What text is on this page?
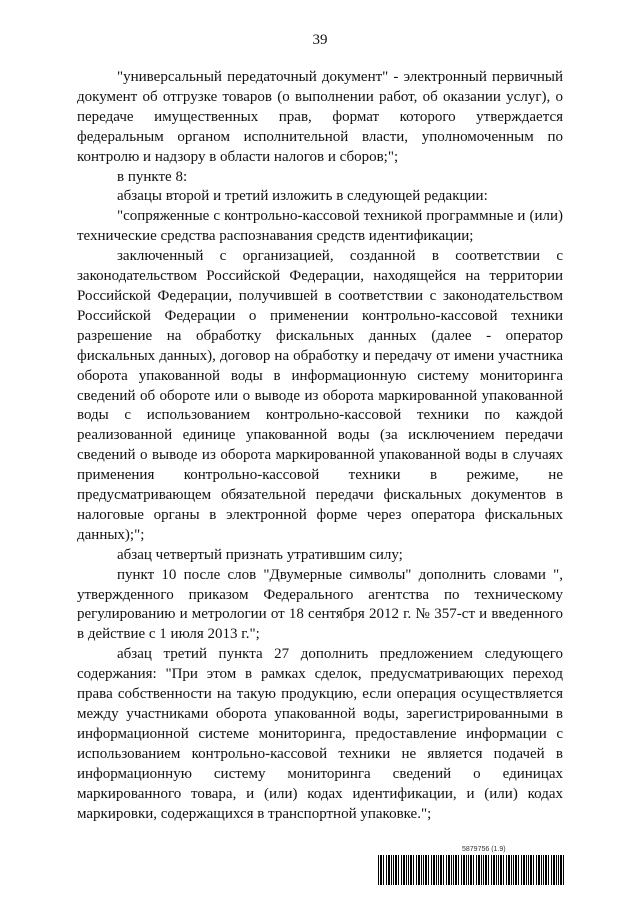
39

"универсальный передаточный документ" - электронный первичный документ об отгрузке товаров (о выполнении работ, об оказании услуг), о передаче имущественных прав, формат которого утверждается федеральным органом исполнительной власти, уполномоченным по контролю и надзору в области налогов и сборов;";

в пункте 8:

абзацы второй и третий изложить в следующей редакции:

"сопряженные с контрольно-кассовой техникой программные и (или) технические средства распознавания средств идентификации;

заключенный с организацией, созданной в соответствии с законодательством Российской Федерации, находящейся на территории Российской Федерации, получившей в соответствии с законодательством Российской Федерации о применении контрольно-кассовой техники разрешение на обработку фискальных данных (далее - оператор фискальных данных), договор на обработку и передачу от имени участника оборота упакованной воды в информационную систему мониторинга сведений об обороте или о выводе из оборота маркированной упакованной воды с использованием контрольно-кассовой техники по каждой реализованной единице упакованной воды (за исключением передачи сведений о выводе из оборота маркированной упакованной воды в случаях применения контрольно-кассовой техники в режиме, не предусматривающем обязательной передачи фискальных документов в налоговые органы в электронной форме через оператора фискальных данных);";

абзац четвертый признать утратившим силу;

пункт 10 после слов "Двумерные символы" дополнить словами ", утвержденного приказом Федерального агентства по техническому регулированию и метрологии от 18 сентября 2012 г. № 357-ст и введенного в действие с 1 июля 2013 г.";

абзац третий пункта 27 дополнить предложением следующего содержания: "При этом в рамках сделок, предусматривающих переход права собственности на такую продукцию, если операция осуществляется между участниками оборота упакованной воды, зарегистрированными в информационной системе мониторинга, предоставление информации с использованием контрольно-кассовой техники не является подачей в информационную систему мониторинга сведений о единицах маркированного товара, и (или) кодах идентификации, и (или) кодах маркировки, содержащихся в транспортной упаковке.";

5879756 (1.9)
